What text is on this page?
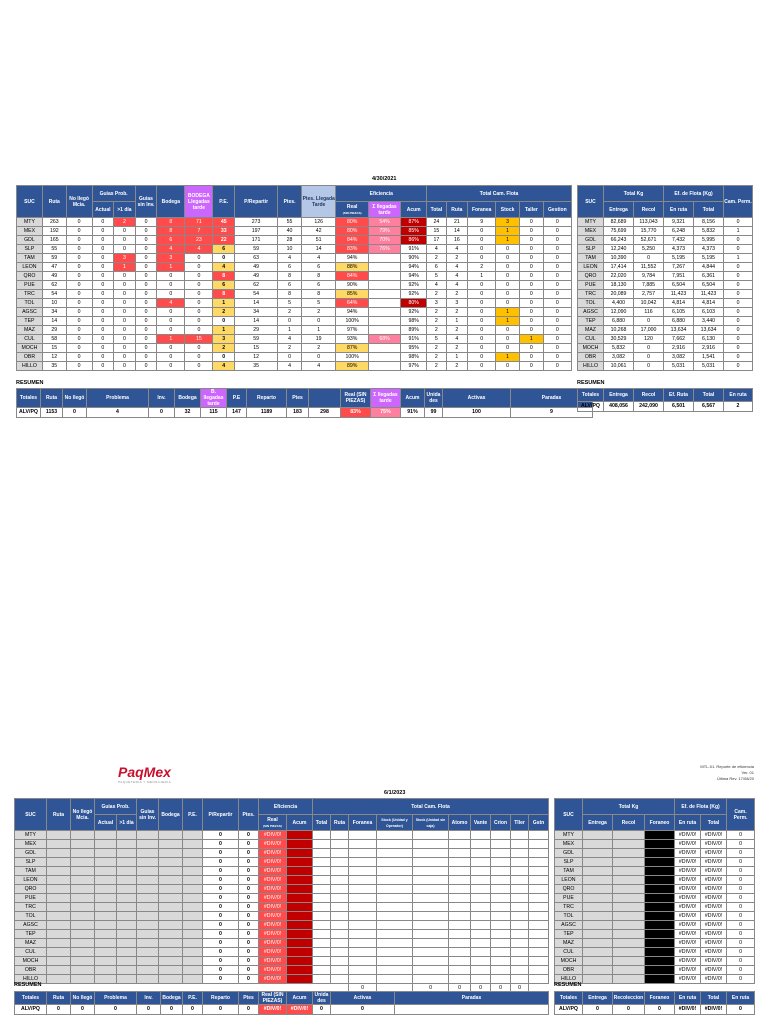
4/30/2021
SUC	Ruta	No llegó Mcia.	Guias Prob.		Guias sin Inv.	Bodega	BODEGA Llegadas tarde	P.E.	P/Repartir	Ptes.	Ptes. Llegada Tarde	Eficiencia			Total Cam. Flota					
			Actual	>1 día								Real
(SIN PIEZAS)	Σ llegadas tarde	Acum	Total	Ruta	Foranea	Stock	Taller	Gestion
MTY	263	0	0	2	0	8	71	45	273	55	126	80%	54%	87%	24	21	9	3	0	0
MEX	192	0	0	0	0	8	7	33	197	40	42	80%	79%	85%	15	14	0	1	0	0
GDL	165	0	0	0	0	6	23	22	171	28	51	84%	70%	86%	17	16	0	1	0	0
SLP	55	0	0	0	0	4	4	6	59	10	14	83%	76%	91%	4	4	0	0	0	0
TAM	59	0	0	3	0	3	0	0	63	4	4	94%		90%	2	2	0	0	0	0
LEON	47	0	0	1	0	1	0	4	49	6	6	88%		94%	6	4	2	0	0	0
QRO	49	0	0	0	0	0	0	8	49	8	8	84%		94%	5	4	1	0	0	0
PUE	62	0	0	0	0	0	0	6	62	6	6	90%		92%	4	4	0	0	0	0
TRC	54	0	0	0	0	0	0	8	54	8	8	85%		92%	2	2	0	0	0	0
TOL	10	0	0	0	0	4	0	1	14	5	5	64%		80%	3	3	0	0	0	0
AGSC	34	0	0	0	0	0	0	2	34	2	2	94%		92%	2	2	0	1	0	0
TEP	14	0	0	0	0	0	0	0	14	0	0	100%		98%	2	1	0	1	0	0
MAZ	29	0	0	0	0	0	0	1	29	1	1	97%		89%	2	2	0	0	0	0
CUL	58	0	0	0	0	1	15	3	59	4	19	93%	68%	91%	5	4	0	0	1	0
MOCH	15	0	0	0	0	0	0	2	15	2	2	87%		95%	2	2	0	0	0	0
OBR	12	0	0	0	0	0	0	0	12	0	0	100%		98%	2	1	0	1	0	0
HILLO	35	0	0	0	0	0	0	4	35	4	4	89%		97%	2	2	0	0	0	0
SUC	Total Kg		Ef. de Flota (Kg)		Cam. Perm.
	Entrega	Recol	En ruta	Total	
MTY	82,689	113,043	9,321	8,156	0
MEX	75,699	15,770	6,248	5,832	1
GDL	66,243	52,671	7,432	5,995	0
SLP	12,240	5,250	4,373	4,373	0
TAM	10,390	0	5,195	5,195	1
LEON	17,414	11,552	7,267	4,844	0
QRO	22,020	9,784	7,951	6,361	0
PUE	18,130	7,885	6,504	6,504	0
TRC	20,089	2,757	11,423	11,423	0
TOL	4,400	10,042	4,814	4,814	0
AGSC	12,090	116	6,105	6,103	0
TEP	6,880	0	6,880	3,440	0
MAZ	10,268	17,000	13,634	13,634	0
CUL	30,529	120	7,662	6,130	0
MOCH	5,832	0	2,916	2,916	0
OBR	3,082	0	3,082	1,541	0
HILLO	10,061	0	5,031	5,031	0
RESUMEN	RESUMEN
Totales	Ruta	No llegó	Problema	Inv.	Bodega	B. llegadas tarde	P.E	Reparto	Ptes		Real (SIN PIEZAS)	Σ llegadas tarde	Acum	Unida des	Activas	Paradas
ALV/PQ	1153	0	4	0	32	115	147	1189	183	298	83%	75%	91%	99	100	9
Totales	Entrega	Recol	Ef. Ruta	Total	En ruta
ALV/PQ	408,056	242,090	6,501	6,567	2
PaqMex
PAQUETERIA Y MENSAJERIA
MTL-01. Reporte de eficiencia
Ver. 01
Última Rev. 17/08/20
6/1/2023
SUC	Ruta	No llegó Mcia.	Guias Prob.		Guias sin Inv.	Bodega	P.E.	P/Repartir	Ptes.	Eficiencia		Total Cam. Flota									
			Actual	>1 día						Real
(SIN PIEZAS)	Acum	Total	Ruta	Foranea	Stock (Unidad y Operador)	Stock (Unidad sin caja)	Atomo	Vante	Crion	Tller	Gstn
MTY								0	0	#DIV/0!											
MEX								0	0	#DIV/0!											
GDL								0	0	#DIV/0!											
SLP								0	0	#DIV/0!											
TAM								0	0	#DIV/0!											
LEON								0	0	#DIV/0!											
QRO								0	0	#DIV/0!											
PUE								0	0	#DIV/0!											
TRC								0	0	#DIV/0!											
TOL								0	0	#DIV/0!											
AGSC								0	0	#DIV/0!											
TEP								0	0	#DIV/0!											
MAZ								0	0	#DIV/0!											
CUL								0	0	#DIV/0!											
MOCH								0	0	#DIV/0!											
OBR								0	0	#DIV/0!											
HILLO								0	0	#DIV/0!											
														0		0	0	0	0	0	
SUC	Total Kg			Ef. de Flota (Kg)		Cam. Perm.
	Entrega	Recol	Foraneo	En ruta	Total	
MTY				#DIV/0!	#DIV/0!	0
MEX				#DIV/0!	#DIV/0!	0
GDL				#DIV/0!	#DIV/0!	0
SLP				#DIV/0!	#DIV/0!	0
TAM				#DIV/0!	#DIV/0!	0
LEON				#DIV/0!	#DIV/0!	0
QRO				#DIV/0!	#DIV/0!	0
PUE				#DIV/0!	#DIV/0!	0
TRC				#DIV/0!	#DIV/0!	0
TOL				#DIV/0!	#DIV/0!	0
AGSC				#DIV/0!	#DIV/0!	0
TEP				#DIV/0!	#DIV/0!	0
MAZ				#DIV/0!	#DIV/0!	0
CUL				#DIV/0!	#DIV/0!	0
MOCH				#DIV/0!	#DIV/0!	0
OBR				#DIV/0!	#DIV/0!	0
HILLO				#DIV/0!	#DIV/0!	0
RESUMEN	RESUMEN
Totales	Ruta	No llegó	Problema	Inv.	Bodega	P.E.	Reparto	Ptes	Real (SIN PIEZAS)	Acum	Unida des	Activas	Paradas
ALV/PQ	0	0	0	0	0	0	0	0	#DIV/0!	#DIV/0!	0	0	
Totales	Entrega	Recoleccion	Foraneo	En ruta	Total	En ruta
ALV/PQ	0	0	0	#DIV/0!	#DIV/0!	0
